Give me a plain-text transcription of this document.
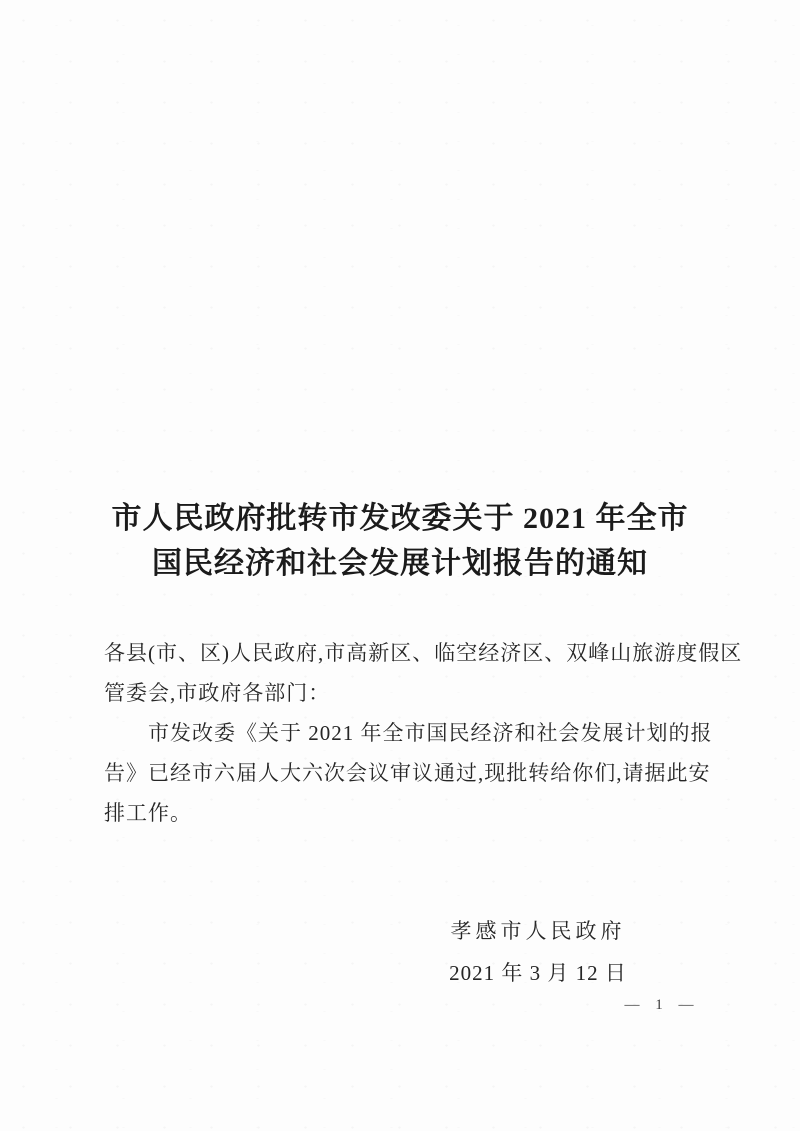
市人民政府批转市发改委关于 2021 年全市
国民经济和社会发展计划报告的通知
各县(市、区)人民政府,市高新区、临空经济区、双峰山旅游度假区
管委会,市政府各部门：
市发改委《关于 2021 年全市国民经济和社会发展计划的报
告》已经市六届人大六次会议审议通过,现批转给你们,请据此安
排工作。
孝感市人民政府
2021 年 3 月 12 日
— 1 —
